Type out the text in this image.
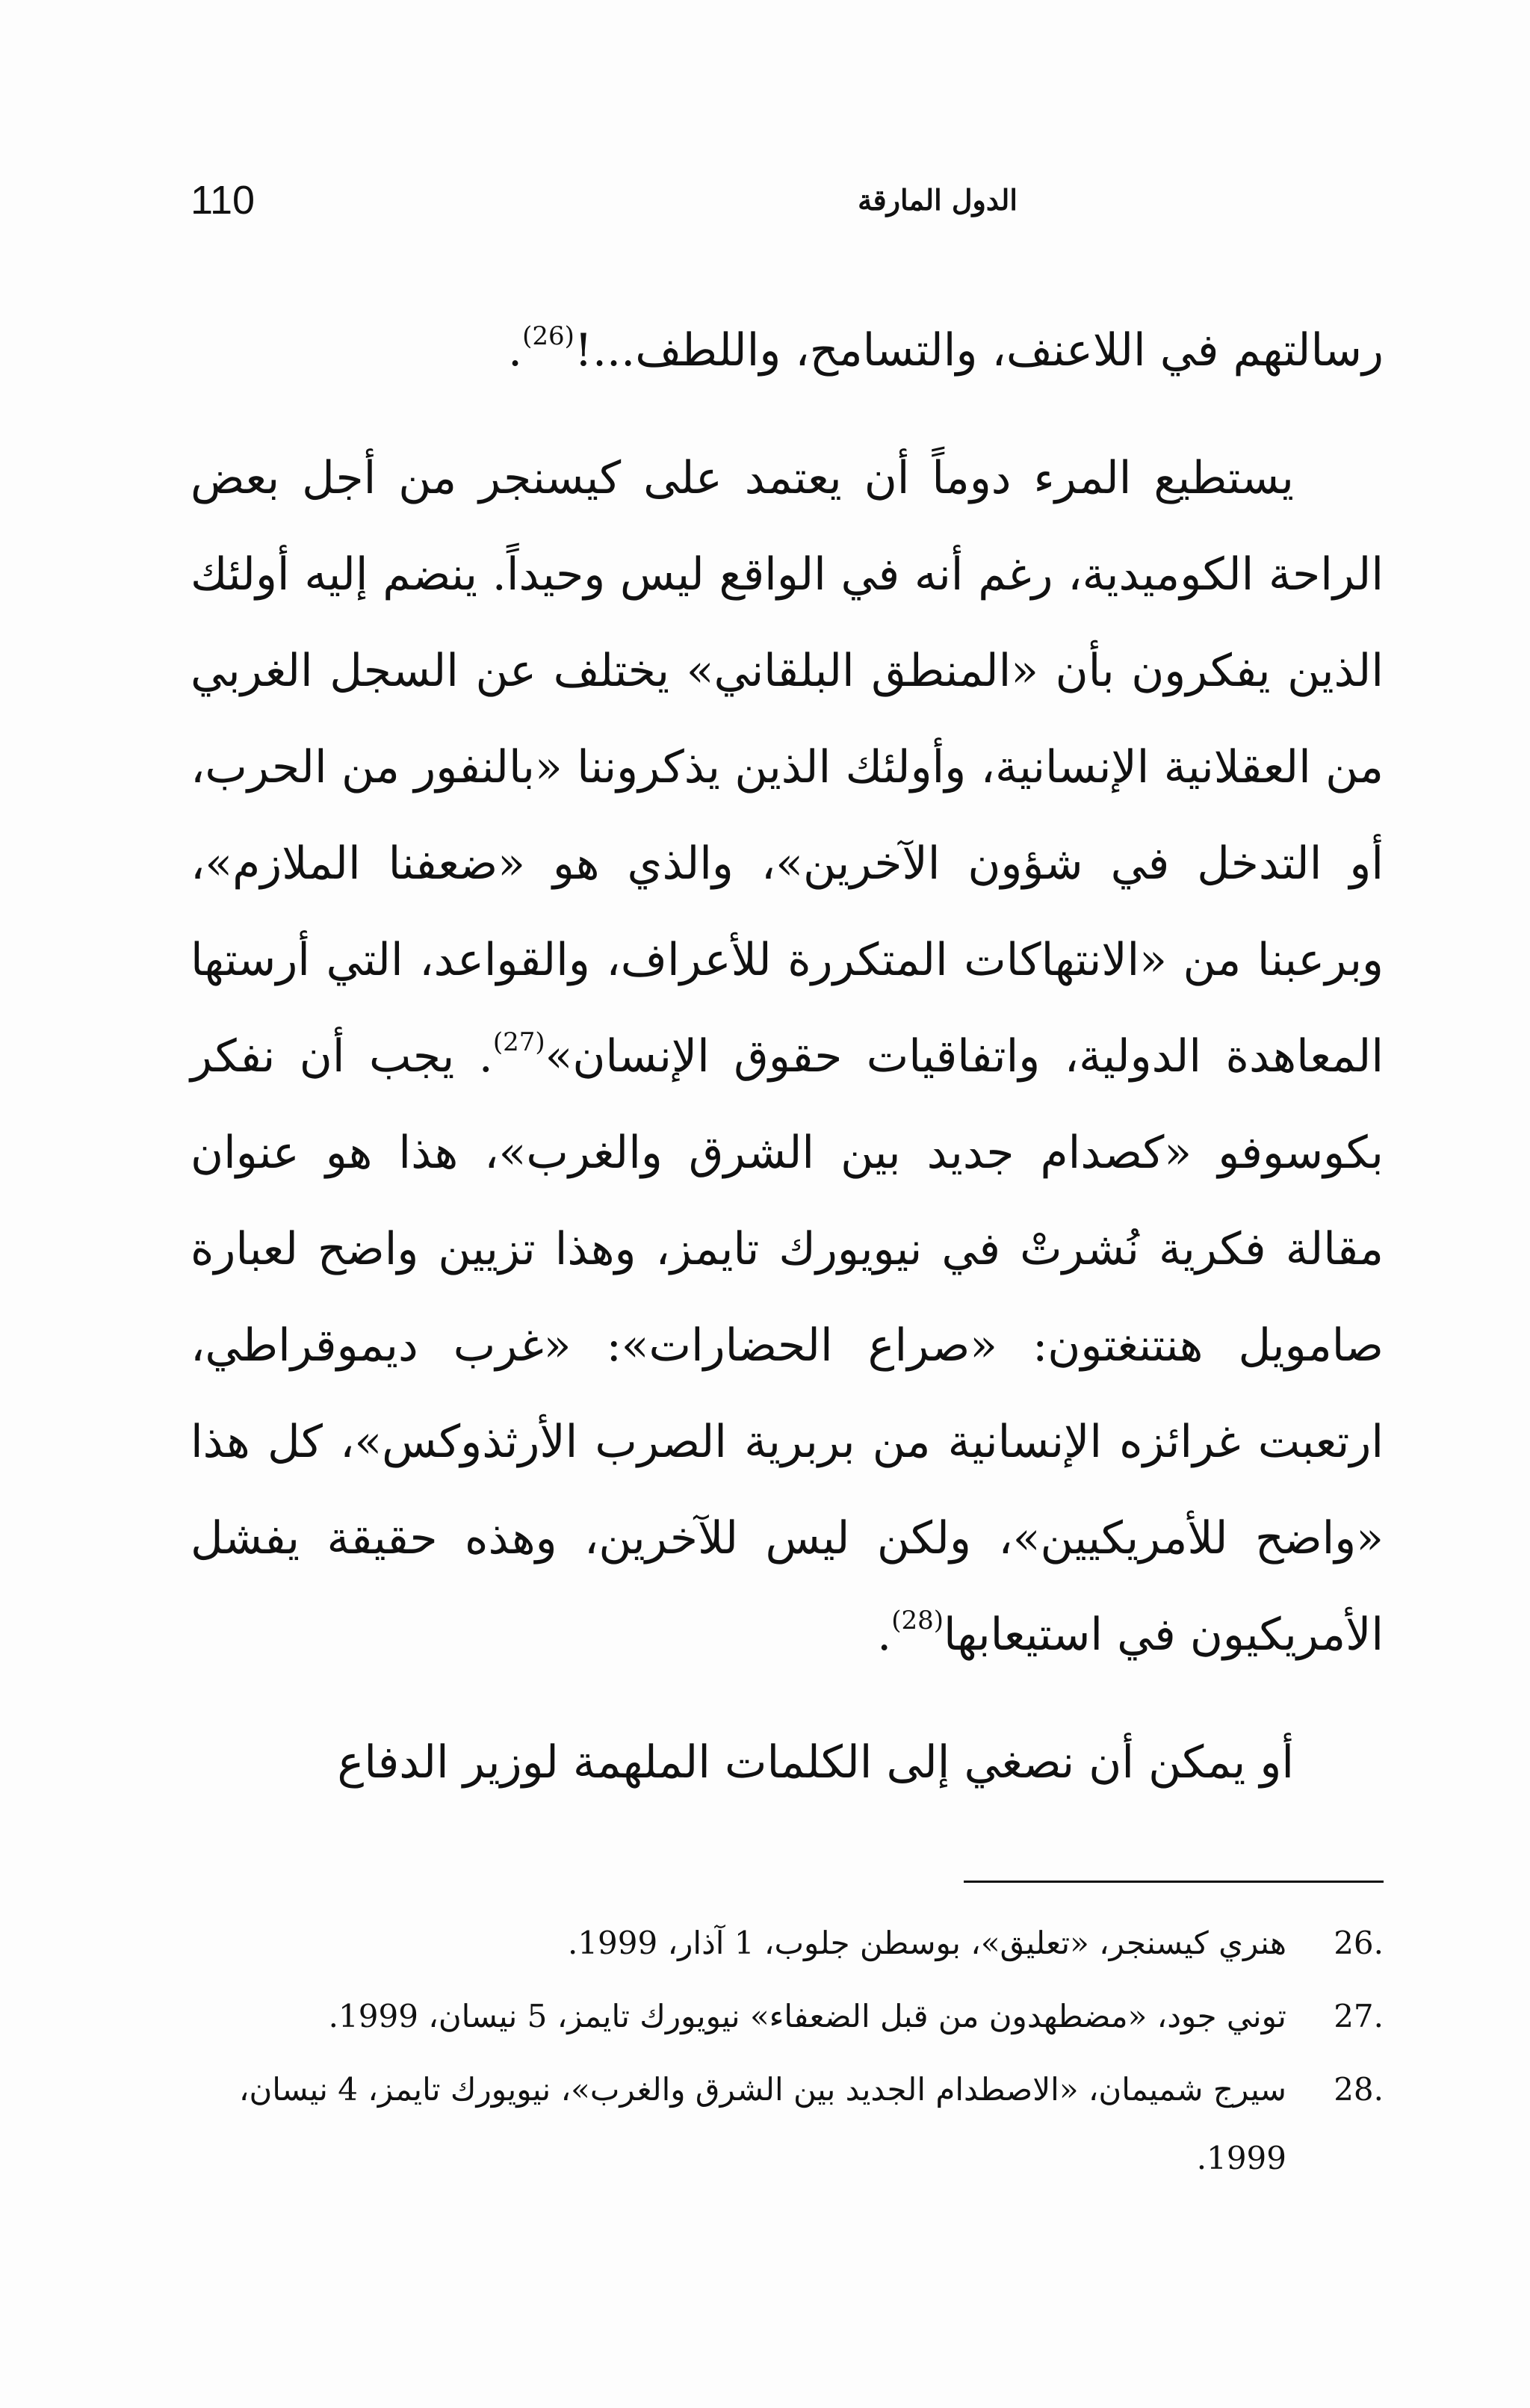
110	الدول المارقة

رسالتهم في اللاعنف، والتسامح، واللطف...!$^{(26)}$.

يستطيع المرء دوماً أن يعتمد على كيسنجر من أجل بعض الراحة الكوميدية، رغم أنه في الواقع ليس وحيداً. ينضم إليه أولئك الذين يفكرون بأن «المنطق البلقاني» يختلف عن السجل الغربي من العقلانية الإنسانية، وأولئك الذين يذكروننا «بالنفور من الحرب، أو التدخل في شؤون الآخرين»، والذي هو «ضعفنا الملازم»، وبرعبنا من «الانتهاكات المتكررة للأعراف، والقواعد، التي أرستها المعاهدة الدولية، واتفاقيات حقوق الإنسان»$^{(27)}$. يجب أن نفكر بكوسوفو «كصدام جديد بين الشرق والغرب»، هذا هو عنوان مقالة فكرية نُشرتْ في نيويورك تايمز، وهذا تزيين واضح لعبارة صامويل هنتنغتون: «صراع الحضارات»: «غرب ديموقراطي، ارتعبت غرائزه الإنسانية من بربرية الصرب الأرثذوكس»، كل هذا «واضح للأمريكيين»، ولكن ليس للآخرين، وهذه حقيقة يفشل الأمريكيون في استيعابها$^{(28)}$.

أو يمكن أن نصغي إلى الكلمات الملهمة لوزير الدفاع

26.
هنري كيسنجر، «تعليق»، بوسطن جلوب، 1 آذار، 1999.
27.
توني جود، «مضطهدون من قبل الضعفاء» نيويورك تايمز، 5 نيسان، 1999.
28.
سيرج شميمان، «الاصطدام الجديد بين الشرق والغرب»، نيويورك تايمز، 4 نيسان، 1999.
